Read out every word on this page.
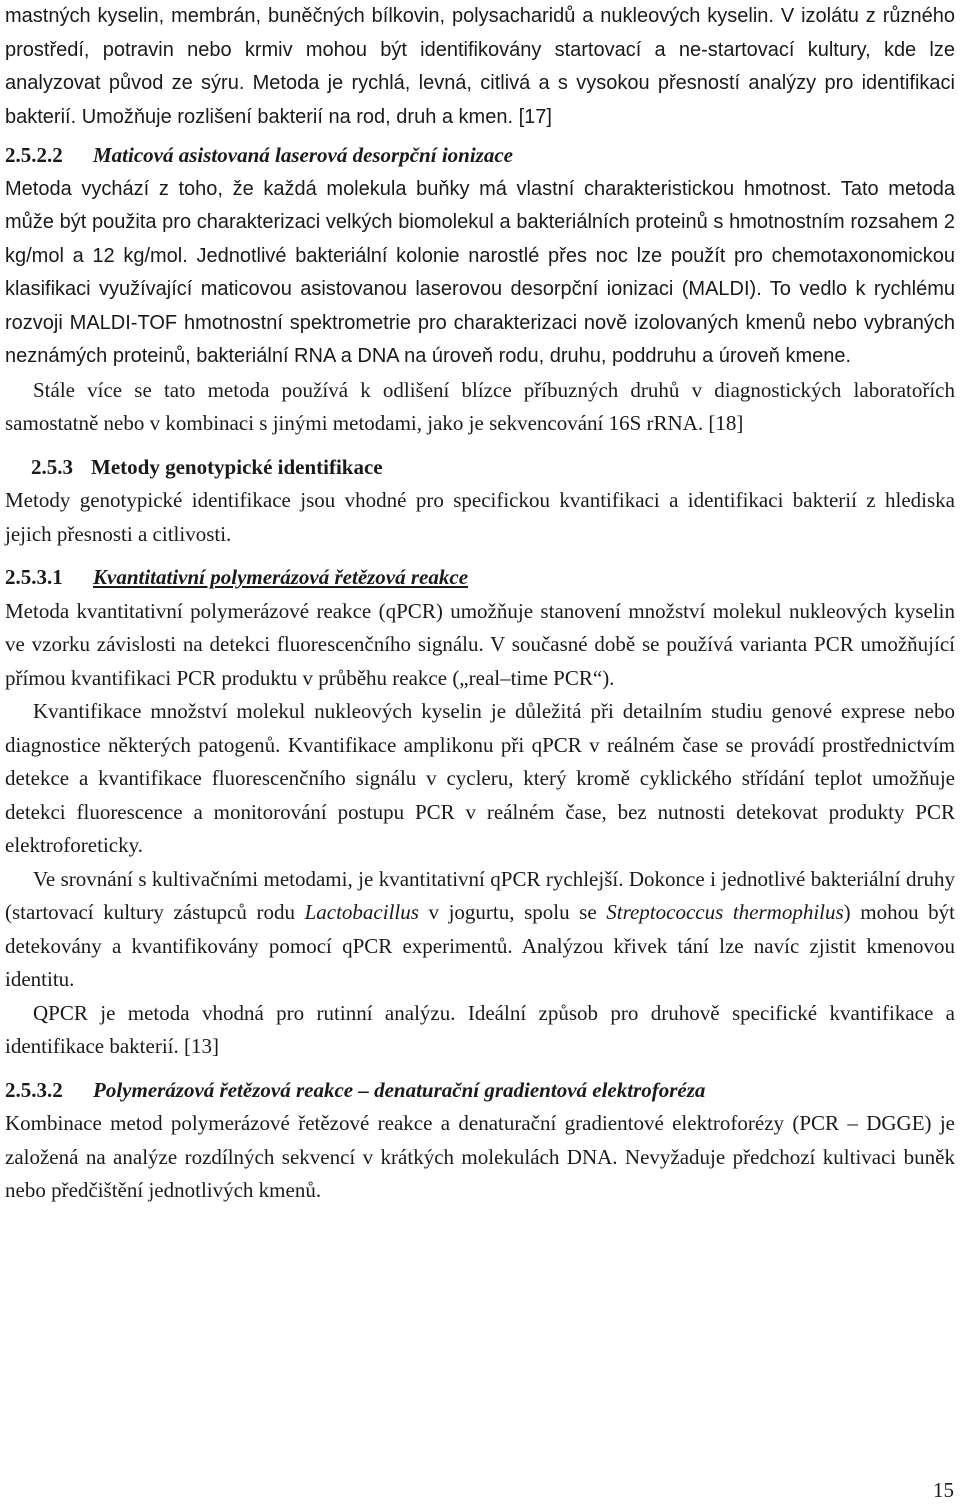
mastných kyselin, membrán, buněčných bílkovin, polysacharidů a nukleových kyselin. V izolátu z různého prostředí, potravin nebo krmiv mohou být identifikovány startovací a ne-startovací kultury, kde lze analyzovat původ ze sýru. Metoda je rychlá, levná, citlivá a s vysokou přesností analýzy pro identifikaci bakterií. Umožňuje rozlišení bakterií na rod, druh a kmen. [17]

2.5.2.2 Maticová asistovaná laserová desorpční ionizace

Metoda vychází z toho, že každá molekula buňky má vlastní charakteristickou hmotnost. Tato metoda může být použita pro charakterizaci velkých biomolekul a bakteriálních proteinů s hmotnostním rozsahem 2 kg/mol a 12 kg/mol. Jednotlivé bakteriální kolonie narostlé přes noc lze použít pro chemotaxonomickou klasifikaci využívající maticovou asistovanou laserovou desorpční ionizaci (MALDI). To vedlo k rychlému rozvoji MALDI-TOF hmotnostní spektrometrie pro charakterizaci nově izolovaných kmenů nebo vybraných neznámých proteinů, bakteriální RNA a DNA na úroveň rodu, druhu, poddruhu a úroveň kmene.

Stále více se tato metoda používá k odlišení blízce příbuzných druhů v diagnostických laboratořích samostatně nebo v kombinaci s jinými metodami, jako je sekvencování 16S rRNA. [18]

2.5.3 Metody genotypické identifikace

Metody genotypické identifikace jsou vhodné pro specifickou kvantifikaci a identifikaci bakterií z hlediska jejich přesnosti a citlivosti.

2.5.3.1 Kvantitativní polymerázová řetězová reakce

Metoda kvantitativní polymerázové reakce (qPCR) umožňuje stanovení množství molekul nukleových kyselin ve vzorku závislosti na detekci fluorescenčního signálu. V současné době se používá varianta PCR umožňující přímou kvantifikaci PCR produktu v průběhu reakce („real–time PCR“).

Kvantifikace množství molekul nukleových kyselin je důležitá při detailním studiu genové exprese nebo diagnostice některých patogenů. Kvantifikace amplikonu při qPCR v reálném čase se provádí prostřednictvím detekce a kvantifikace fluorescenčního signálu v cycleru, který kromě cyklického střídání teplot umožňuje detekci fluorescence a monitorování postupu PCR v reálném čase, bez nutnosti detekovat produkty PCR elektroforeticky.

Ve srovnání s kultivačními metodami, je kvantitativní qPCR rychlejší. Dokonce i jednotlivé bakteriální druhy (startovací kultury zástupců rodu Lactobacillus v jogurtu, spolu se Streptococcus thermophilus) mohou být detekovány a kvantifikovány pomocí qPCR experimentů. Analýzou křivek tání lze navíc zjistit kmenovou identitu.

QPCR je metoda vhodná pro rutinní analýzu. Ideální způsob pro druhově specifické kvantifikace a identifikace bakterií. [13]

2.5.3.2 Polymerázová řetězová reakce – denaturační gradientová elektroforéza

Kombinace metod polymerázové řetězové reakce a denaturační gradientové elektroforézy (PCR – DGGE) je založená na analýze rozdílných sekvencí v krátkých molekulách DNA. Nevyžaduje předchozí kultivaci buněk nebo předčištění jednotlivých kmenů.

15
